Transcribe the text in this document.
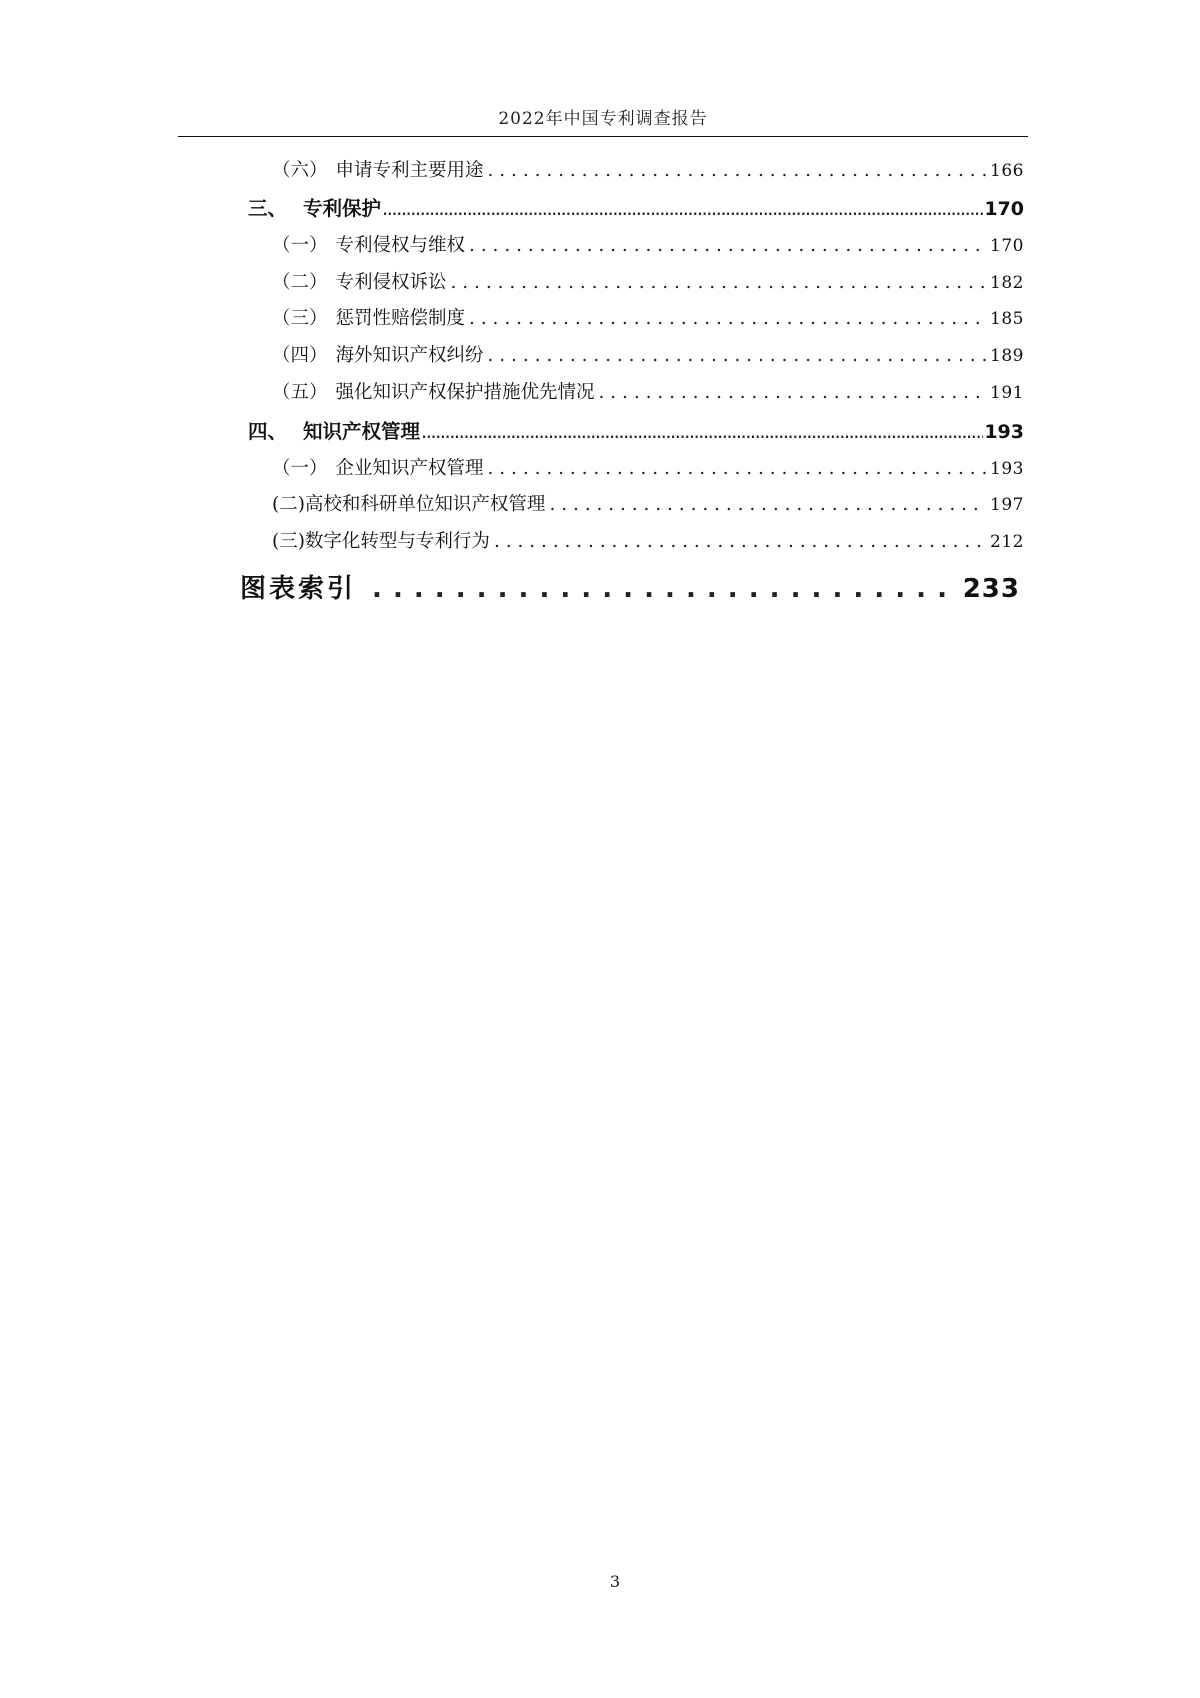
2022年中国专利调查报告
（六） 申请专利主要用途 . . .	166
三、 专利保护 .....	170
（一） 专利侵权与维权 . . .	170
（二） 专利侵权诉讼 . . .	182
（三） 惩罚性赔偿制度 . . .	185
（四） 海外知识产权纠纷 . . .	189
（五） 强化知识产权保护措施优先情况 . . .	191
四、 知识产权管理 .....	193
（一） 企业知识产权管理 . . .	193
(二)高校和科研单位知识产权管理 . . .	197
(三)数字化转型与专利行为 . . .	212
图表索引 . . .	233
3
